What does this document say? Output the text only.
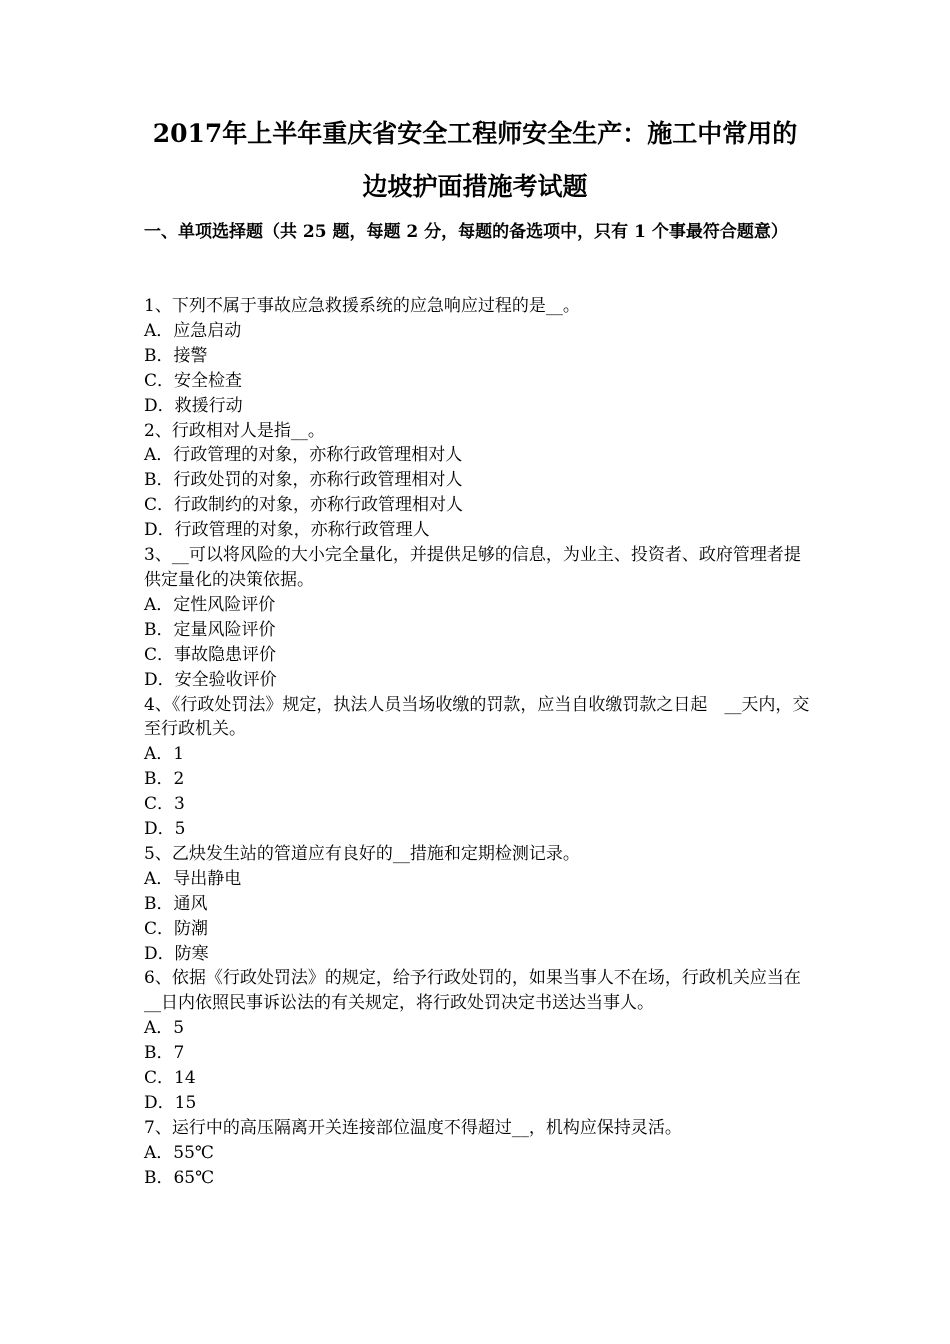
2017年上半年重庆省安全工程师安全生产：施工中常用的
边坡护面措施考试题

一、单项选择题（共 25 题，每题 2 分，每题的备选项中，只有 1 个事最符合题意）

1、下列不属于事故应急救援系统的应急响应过程的是__。

A．应急启动

B．接警

C．安全检查

D．救援行动

2、行政相对人是指__。

A．行政管理的对象，亦称行政管理相对人

B．行政处罚的对象，亦称行政管理相对人

C．行政制约的对象，亦称行政管理相对人

D．行政管理的对象，亦称行政管理人

3、__可以将风险的大小完全量化，并提供足够的信息，为业主、投资者、政府管理者提供定量化的决策依据。

A．定性风险评价

B．定量风险评价

C．事故隐患评价

D．安全验收评价

4、《行政处罚法》规定，执法人员当场收缴的罚款，应当自收缴罚款之日起　__天内，交至行政机关。

A．1

B．2

C．3

D．5

5、乙炔发生站的管道应有良好的__措施和定期检测记录。

A．导出静电

B．通风

C．防潮

D．防寒

6、依据《行政处罚法》的规定，给予行政处罚的，如果当事人不在场，行政机关应当在__日内依照民事诉讼法的有关规定，将行政处罚决定书送达当事人。

A．5

B．7

C．14

D．15

7、运行中的高压隔离开关连接部位温度不得超过__，机构应保持灵活。

A．55℃

B．65℃
